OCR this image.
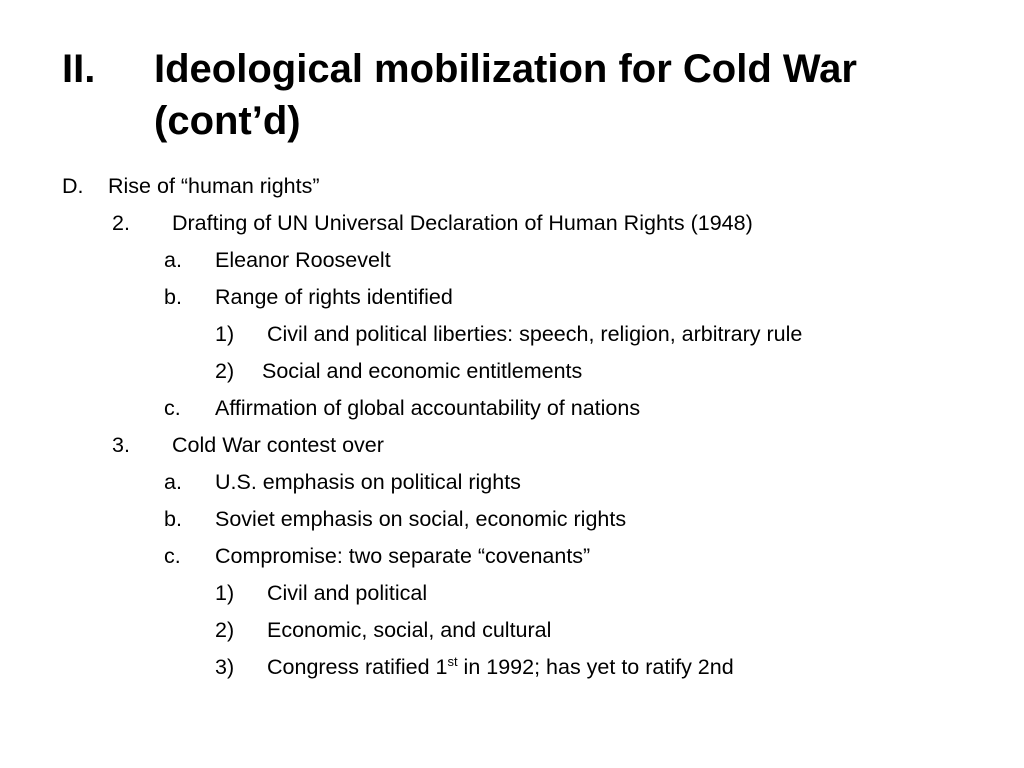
II. Ideological mobilization for Cold War (cont’d)
D. Rise of “human rights”
2. Drafting of UN Universal Declaration of Human Rights (1948)
a. Eleanor Roosevelt
b. Range of rights identified
1) Civil and political liberties: speech, religion, arbitrary rule
2) Social and economic entitlements
c. Affirmation of global accountability of nations
3. Cold War contest over
a. U.S. emphasis on political rights
b. Soviet emphasis on social, economic rights
c. Compromise: two separate “covenants”
1) Civil and political
2) Economic, social, and cultural
3) Congress ratified 1st in 1992; has yet to ratify 2nd
